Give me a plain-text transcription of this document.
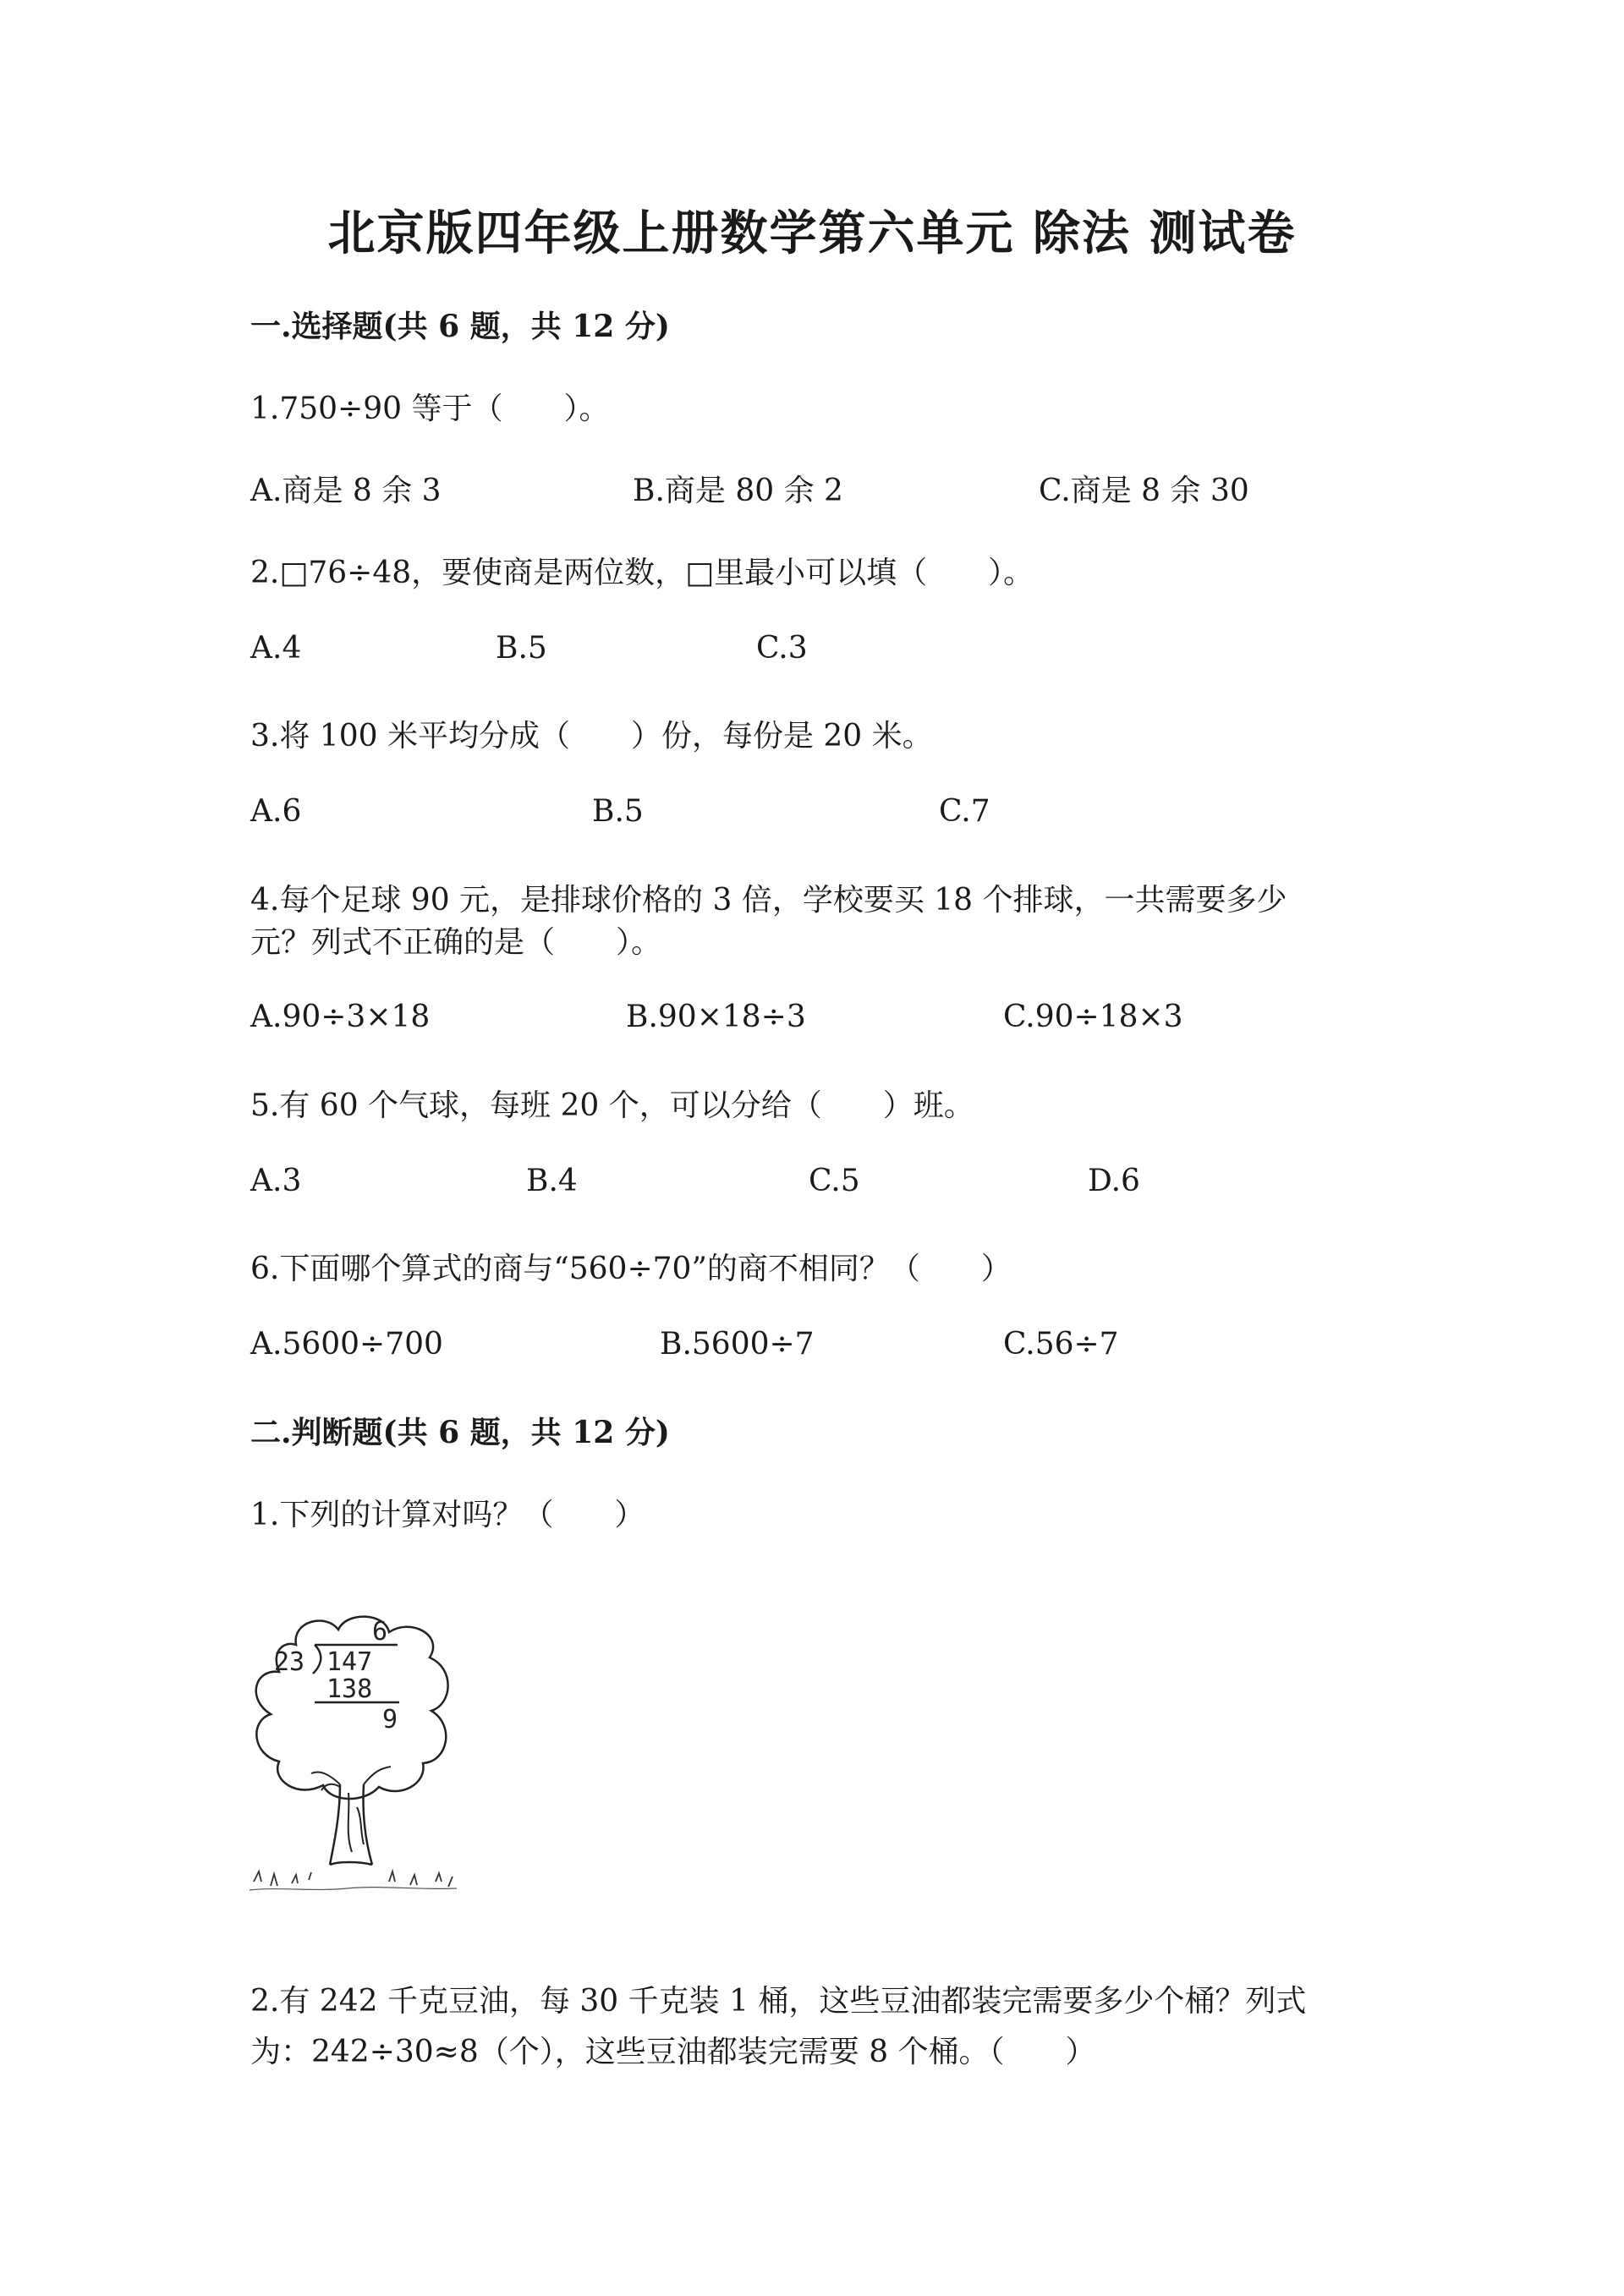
北京版四年级上册数学第六单元 除法 测试卷
一.选择题(共 6 题，共 12 分)
1.750÷90 等于（　　）。
A.商是 8 余 3	B.商是 80 余 2	C.商是 8 余 30
2.□76÷48，要使商是两位数，□里最小可以填（　　）。
A.4	B.5	C.3
3.将 100 米平均分成（　　）份，每份是 20 米。
A.6	B.5	C.7
4.每个足球 90 元，是排球价格的 3 倍，学校要买 18 个排球，一共需要多少
元？列式不正确的是（　　）。
A.90÷3×18	B.90×18÷3	C.90÷18×3
5.有 60 个气球，每班 20 个，可以分给（　　）班。
A.3	B.4	C.5	D.6
6.下面哪个算式的商与“560÷70”的商不相同？（　　）
A.5600÷700	B.5600÷7	C.56÷7
二.判断题(共 6 题，共 12 分)
1.下列的计算对吗？（　　）
6
23 147
138
9
2.有 242 千克豆油，每 30 千克装 1 桶，这些豆油都装完需要多少个桶？列式
为：242÷30≈8（个），这些豆油都装完需要 8 个桶。（　　）
